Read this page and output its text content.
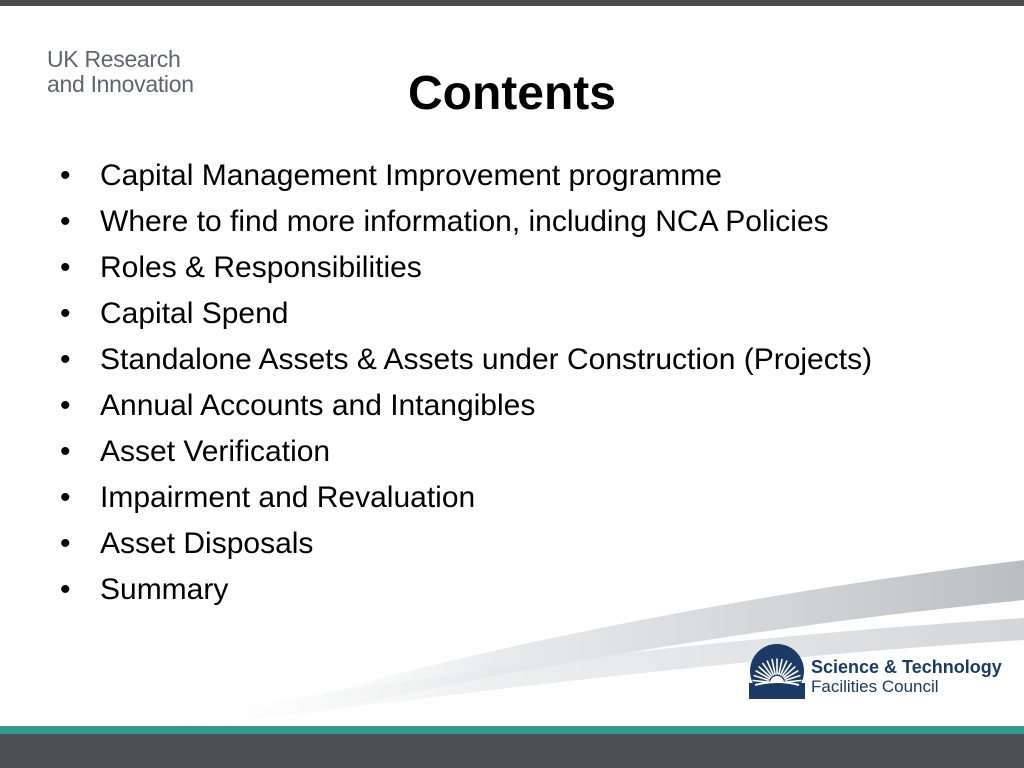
UK Research
and Innovation	Contents
• Capital Management Improvement programme
• Where to find more information, including NCA Policies
• Roles & Responsibilities
• Capital Spend
• Standalone Assets & Assets under Construction (Projects)
• Annual Accounts and Intangibles
• Asset Verification
• Impairment and Revaluation
• Asset Disposals
• Summary
Science & Technology
Facilities Council
